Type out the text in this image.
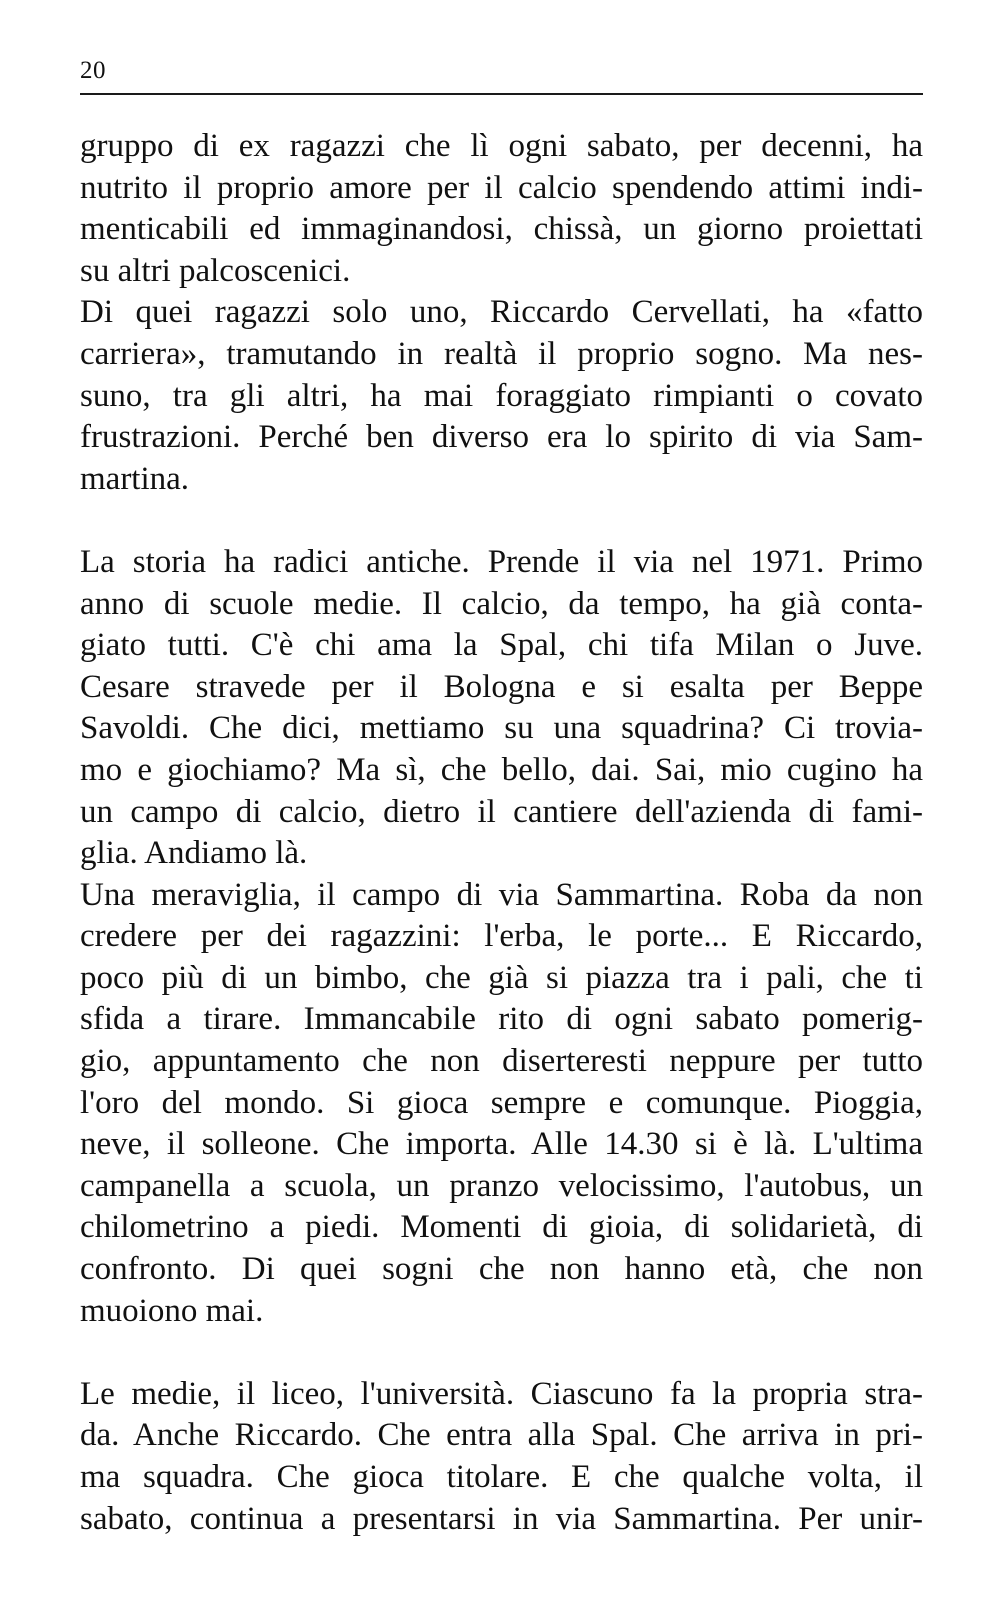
20
gruppo di ex ragazzi che lì ogni sabato, per decenni, ha
nutrito il proprio amore per il calcio spendendo attimi indi-
menticabili ed immaginandosi, chissà, un giorno proiettati
su altri palcoscenici.
Di quei ragazzi solo uno, Riccardo Cervellati, ha «fatto
carriera», tramutando in realtà il proprio sogno. Ma nes-
suno, tra gli altri, ha mai foraggiato rimpianti o covato
frustrazioni. Perché ben diverso era lo spirito di via Sam-
martina.
La storia ha radici antiche. Prende il via nel 1971. Primo
anno di scuole medie. Il calcio, da tempo, ha già conta-
giato tutti. C'è chi ama la Spal, chi tifa Milan o Juve.
Cesare stravede per il Bologna e si esalta per Beppe
Savoldi. Che dici, mettiamo su una squadrina? Ci trovia-
mo e giochiamo? Ma sì, che bello, dai. Sai, mio cugino ha
un campo di calcio, dietro il cantiere dell'azienda di fami-
glia. Andiamo là.
Una meraviglia, il campo di via Sammartina. Roba da non
credere per dei ragazzini: l'erba, le porte... E Riccardo,
poco più di un bimbo, che già si piazza tra i pali, che ti
sfida a tirare. Immancabile rito di ogni sabato pomerig-
gio, appuntamento che non diserteresti neppure per tutto
l'oro del mondo. Si gioca sempre e comunque. Pioggia,
neve, il solleone. Che importa. Alle 14.30 si è là. L'ultima
campanella a scuola, un pranzo velocissimo, l'autobus, un
chilometrino a piedi. Momenti di gioia, di solidarietà, di
confronto. Di quei sogni che non hanno età, che non
muoiono mai.
Le medie, il liceo, l'università. Ciascuno fa la propria stra-
da. Anche Riccardo. Che entra alla Spal. Che arriva in pri-
ma squadra. Che gioca titolare. E che qualche volta, il
sabato, continua a presentarsi in via Sammartina. Per unir-
